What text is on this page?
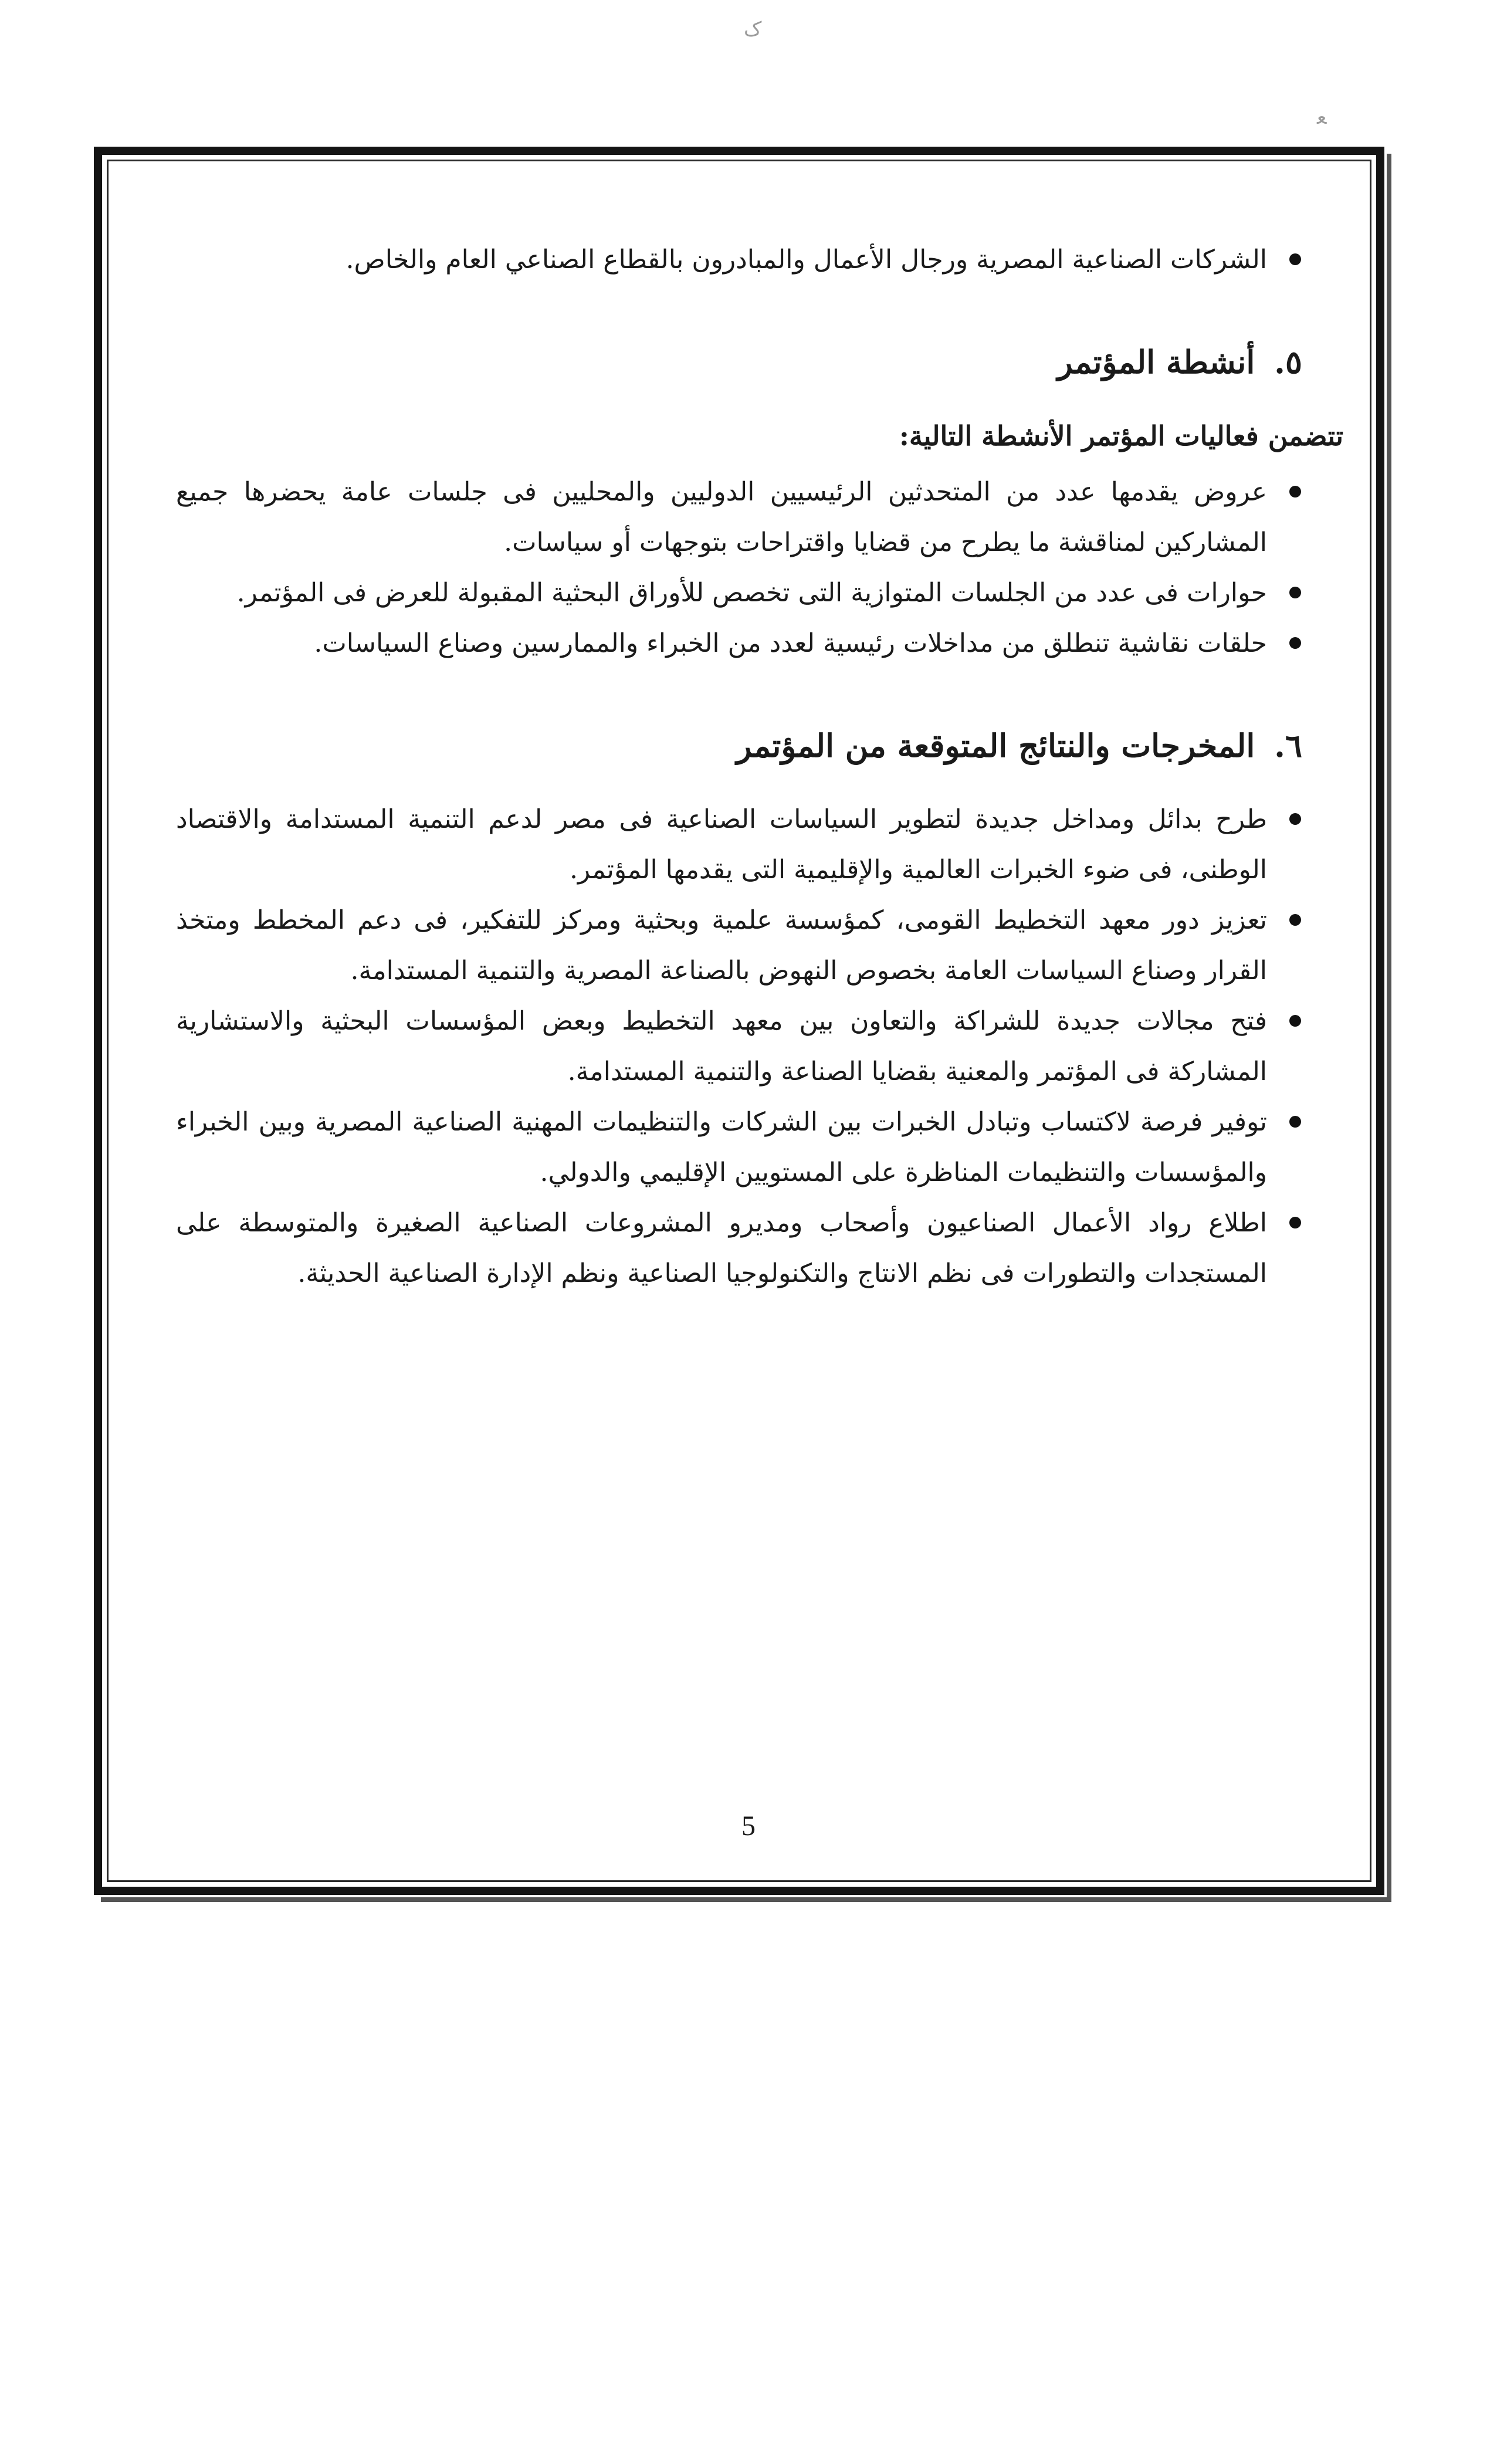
ک
ﻌ
الشركات الصناعية المصرية ورجال الأعمال والمبادرون بالقطاع الصناعي العام والخاص.
٥. أنشطة المؤتمر
تتضمن فعاليات المؤتمر الأنشطة التالية:
عروض يقدمها عدد من المتحدثين الرئيسيين الدوليين والمحليين فى جلسات عامة يحضرها جميع المشاركين لمناقشة ما يطرح من قضايا واقتراحات بتوجهات أو سياسات.
حوارات فى عدد من الجلسات المتوازية التى تخصص للأوراق البحثية المقبولة للعرض فى المؤتمر.
حلقات نقاشية تنطلق من مداخلات رئيسية لعدد من الخبراء والممارسين وصناع السياسات.
٦. المخرجات والنتائج المتوقعة من المؤتمر
طرح بدائل ومداخل جديدة لتطوير السياسات الصناعية فى مصر لدعم التنمية المستدامة والاقتصاد الوطنى، فى ضوء الخبرات العالمية والإقليمية التى يقدمها المؤتمر.
تعزيز دور معهد التخطيط القومى، كمؤسسة علمية وبحثية ومركز للتفكير، فى دعم المخطط ومتخذ القرار وصناع السياسات العامة بخصوص النهوض بالصناعة المصرية والتنمية المستدامة.
فتح مجالات جديدة للشراكة والتعاون بين معهد التخطيط وبعض المؤسسات البحثية والاستشارية المشاركة فى المؤتمر والمعنية بقضايا الصناعة والتنمية المستدامة.
توفير فرصة لاكتساب وتبادل الخبرات بين الشركات والتنظيمات المهنية الصناعية المصرية وبين الخبراء والمؤسسات والتنظيمات المناظرة على المستويين الإقليمي والدولي.
اطلاع رواد الأعمال الصناعيون وأصحاب ومديرو المشروعات الصناعية الصغيرة والمتوسطة على المستجدات والتطورات فى نظم الانتاج والتكنولوجيا الصناعية ونظم الإدارة الصناعية الحديثة.
5
